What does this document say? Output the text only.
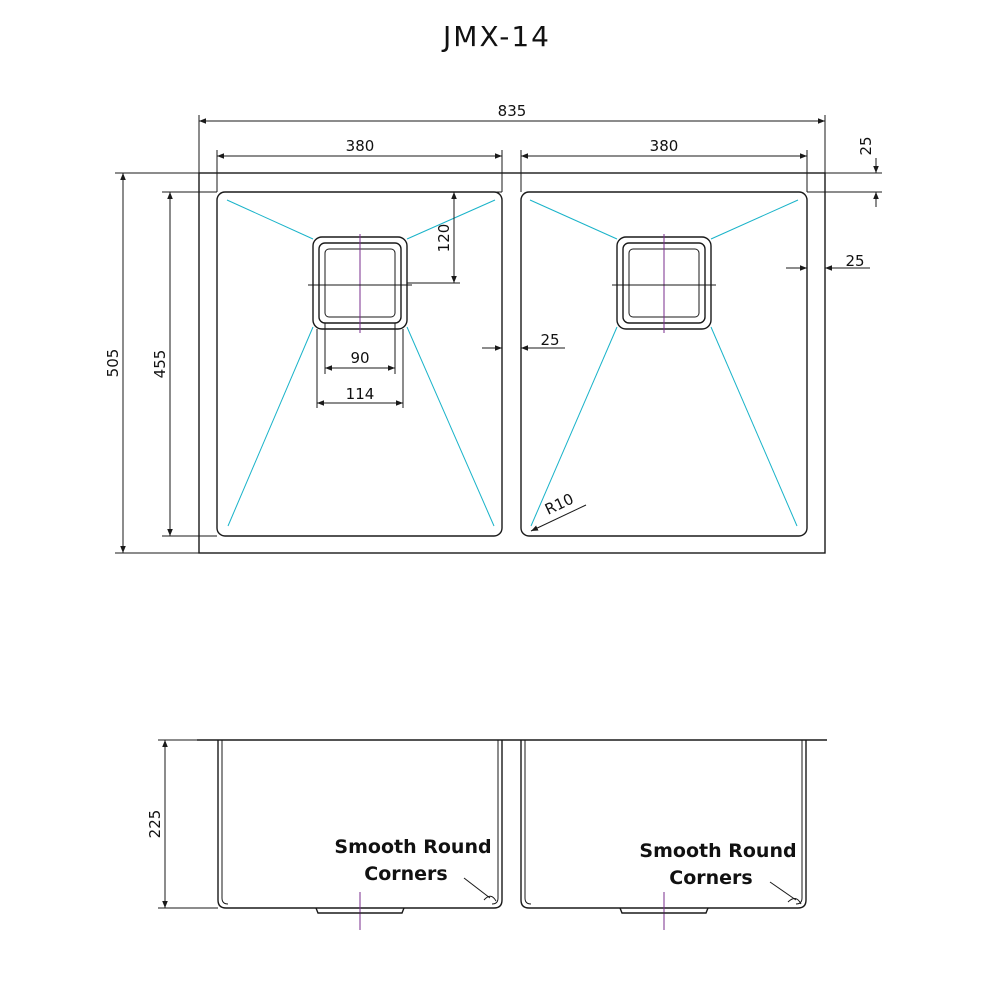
JMX-14
835
380	380	25
120
25
25
505 455	90
114
R10
225
Smooth Round
Corners
Smooth Round
Corners
